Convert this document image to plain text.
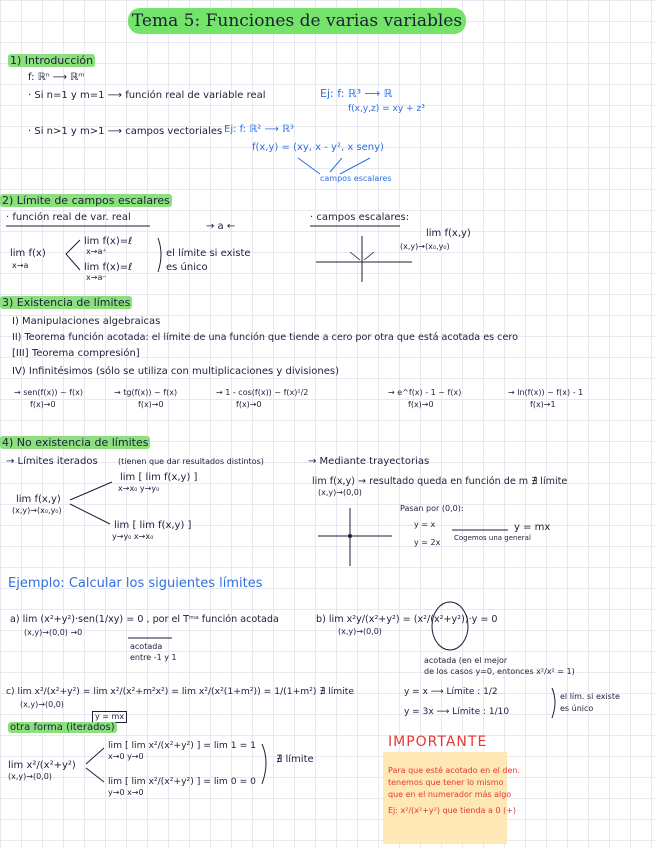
Tema 5: Funciones de varias variables
1) Introducción
f: ℝⁿ ⟶ ℝᵐ
· Si n=1 y m=1 ⟶ función real de variable real	Ej: f: ℝ³ ⟶ ℝ
f(x,y,z) = xy + z³
· Si n>1 y m>1 ⟶ campos vectoriales Ej: f: ℝ² ⟶ ℝ³
f(x,y) = (xy, x - y², x seny)
campos escalares
2) Límite de campos escalares
· función real de var. real
→ a ←
lim f(x)
x→a
lim f(x)=ℓ
x→a⁺
lim f(x)=ℓ
x→a⁻
el límite si existe
es único
· campos escalares:
lim f(x,y)
(x,y)→(x₀,y₀)
3) Existencia de límites
I) Manipulaciones algebraicas
II) Teorema función acotada: el límite de una función que tiende a cero por otra que está acotada es cero
[III] Teorema compresión]
IV) Infinitésimos (sólo se utiliza con multiplicaciones y divisiones)
→ sen(f(x)) ~ f(x)
f(x)→0
→ tg(f(x)) ~ f(x)
f(x)→0
→ 1 - cos(f(x)) ~ f(x)²/2
f(x)→0
→ e^f(x) - 1 ~ f(x)
f(x)→0
→ ln(f(x)) ~ f(x) - 1
f(x)→1
4) No existencia de límites
→ Límites iterados	(tienen que dar resultados distintos)	→ Mediante trayectorias
lim [ lim f(x,y) ]
x→x₀ y→y₀
lim f(x,y)
(x,y)→(x₀,y₀)
lim [ lim f(x,y) ]
y→y₀ x→x₀
lim f(x,y) → resultado queda en función de m ∄ límite
(x,y)→(0,0)
Pasan por (0,0):
y = x
y = 2x Cogemos una general
y = mx
Ejemplo: Calcular los siguientes límites
a) lim (x²+y²)·sen(1/xy) = 0 , por el Tᵐᵃ función acotada
(x,y)→(0,0) →0
acotada
entre -1 y 1
b) lim x²y/(x²+y²) = (x²/(x²+y²))·y = 0
(x,y)→(0,0)
acotada (en el mejor
de los casos y=0, entonces x²/x² = 1)
c) lim x²/(x²+y²) = lim x²/(x²+m²x²) = lim x²/(x²(1+m²)) = 1/(1+m²) ∄ límite
(x,y)→(0,0)
y = mx
y = x ⟶ Límite : 1/2
y = 3x ⟶ Límite : 1/10
el lím. si existe
es único
otra forma (iterados)
lim x²/(x²+y²)
(x,y)→(0,0)
lim [ lim x²/(x²+y²) ] = lim 1 = 1
x→0 y→0
lim [ lim x²/(x²+y²) ] = lim 0 = 0
y→0 x→0
∄ límite
IMPORTANTE
Para que esté acotado en el den.
tenemos que tener lo mismo
que en el numerador más algo
Ej: x²/(x²+y²) que tienda a 0 (+)
